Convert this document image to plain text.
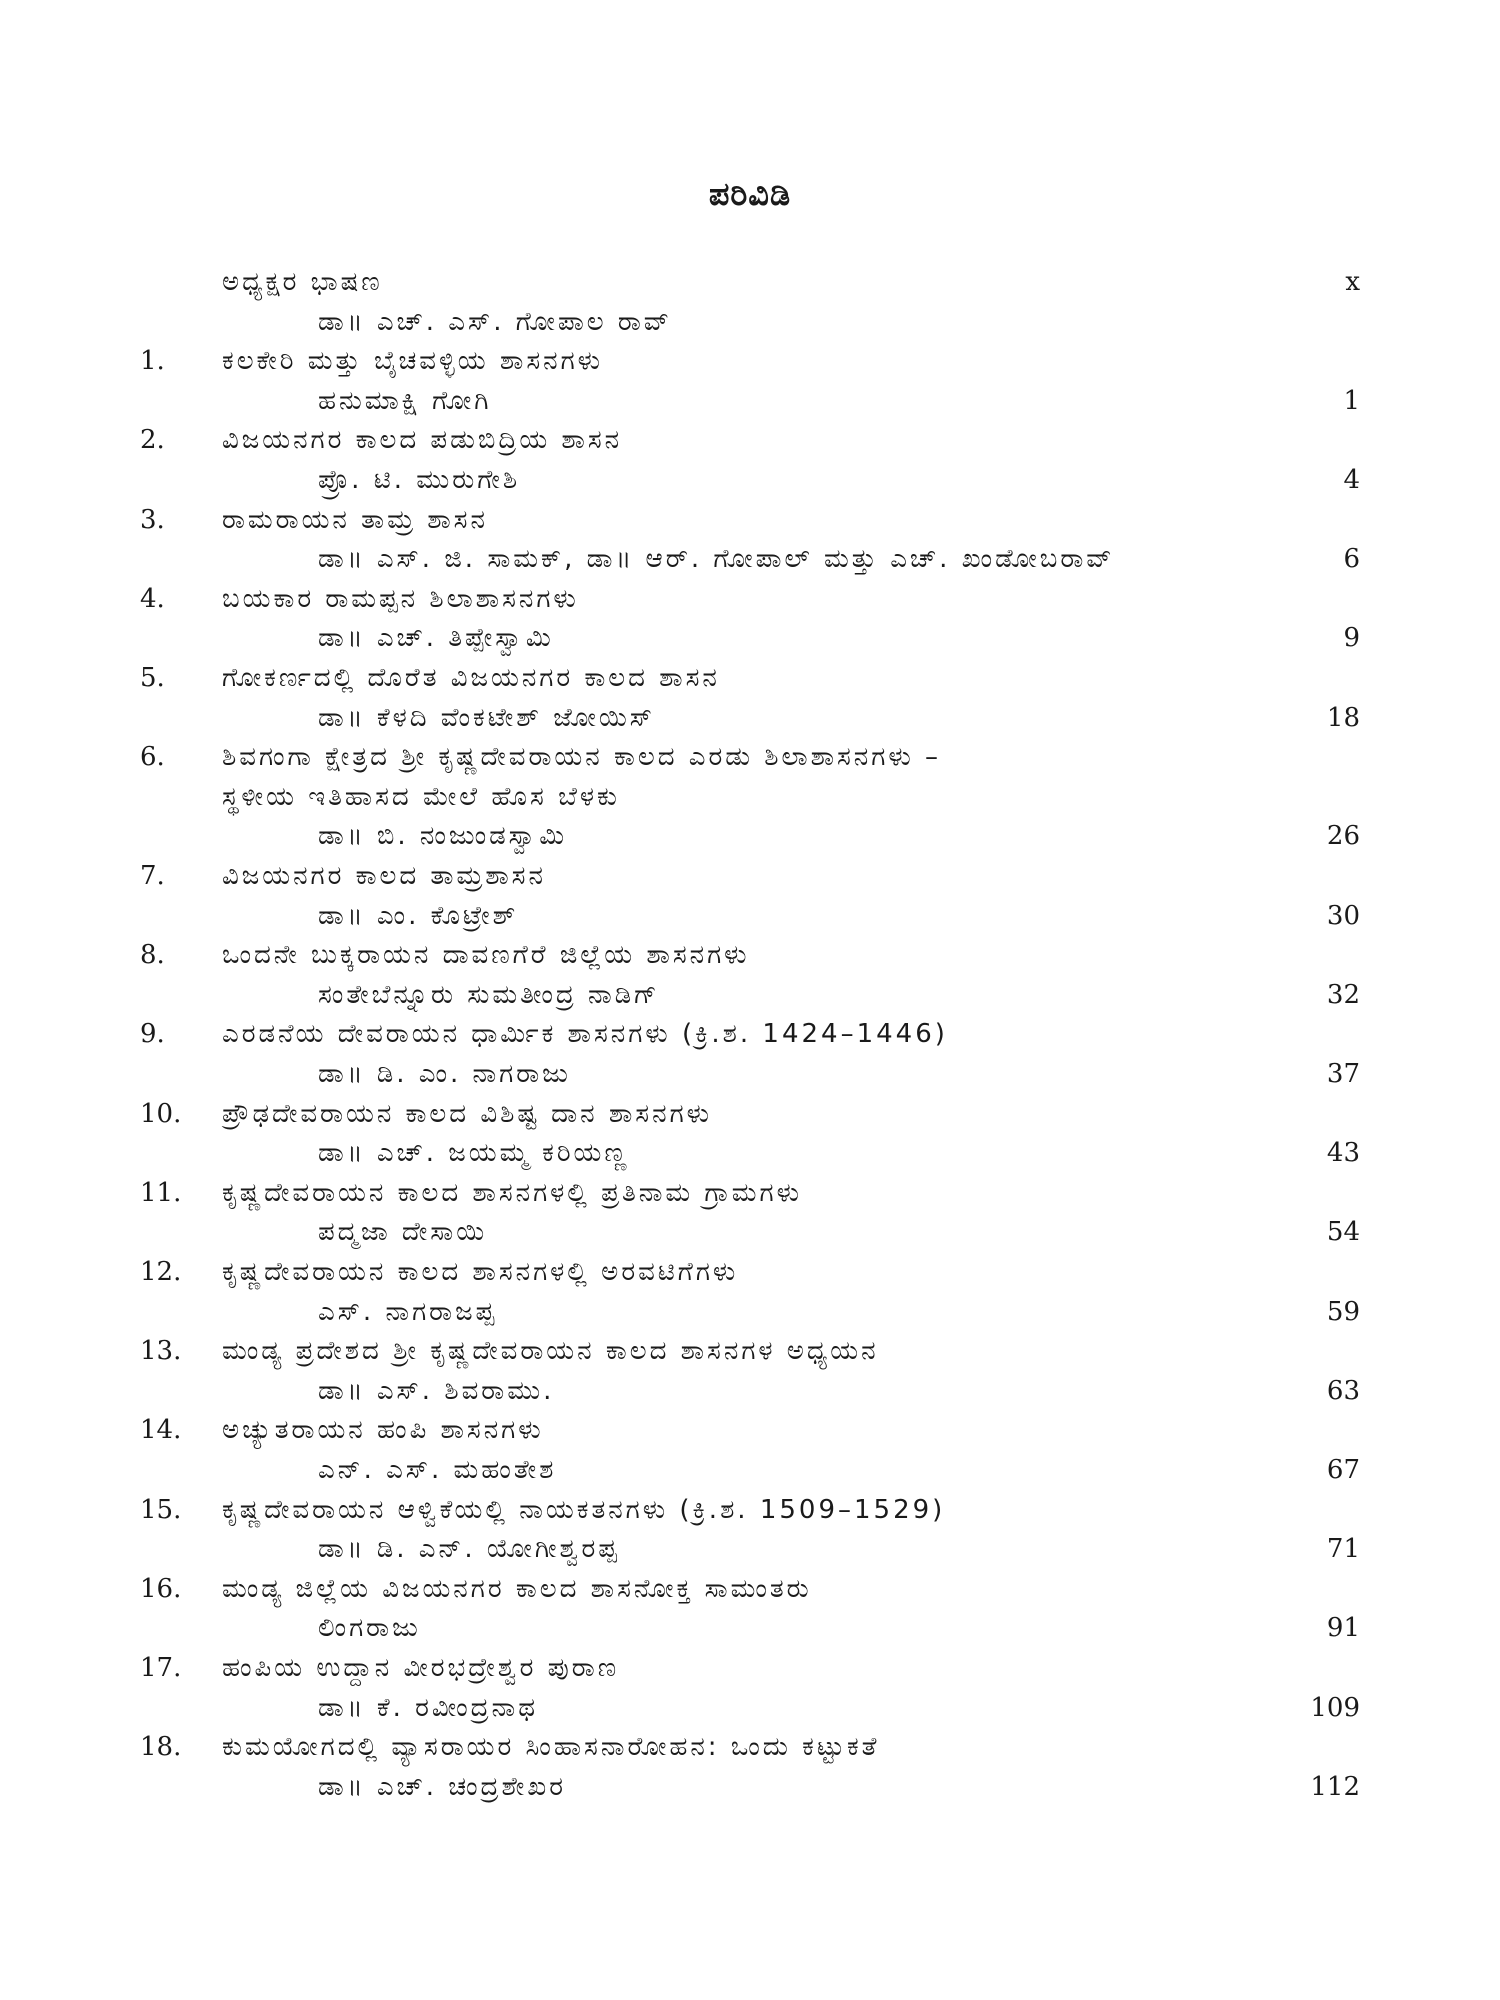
ಪರಿವಿಡಿ
ಅಧ್ಯಕ್ಷರ ಭಾಷಣ	x
ಡಾ॥ ಎಚ್. ಎಸ್. ಗೋಪಾಲ ರಾವ್
1.	ಕಲಕೇರಿ ಮತ್ತು ಬೈಚವಳ್ಳಿಯ ಶಾಸನಗಳು
ಹನುಮಾಕ್ಷಿ ಗೋಗಿ	1
2.	ವಿಜಯನಗರ ಕಾಲದ ಪಡುಬಿದ್ರಿಯ ಶಾಸನ
ಪ್ರೊ. ಟಿ. ಮುರುಗೇಶಿ	4
3.	ರಾಮರಾಯನ ತಾಮ್ರ ಶಾಸನ
ಡಾ॥ ಎಸ್. ಜಿ. ಸಾಮಕ್, ಡಾ॥ ಆರ್. ಗೋಪಾಲ್ ಮತ್ತು ಎಚ್. ಖಂಡೋಬರಾವ್	6
4.	ಬಯಕಾರ ರಾಮಪ್ಪನ ಶಿಲಾಶಾಸನಗಳು
ಡಾ॥ ಎಚ್. ತಿಪ್ಪೇಸ್ವಾಮಿ	9
5.	ಗೋಕರ್ಣದಲ್ಲಿ ದೊರೆತ ವಿಜಯನಗರ ಕಾಲದ ಶಾಸನ
ಡಾ॥ ಕೆಳದಿ ವೆಂಕಟೇಶ್ ಜೋಯಿಸ್	18
6.	ಶಿವಗಂಗಾ ಕ್ಷೇತ್ರದ ಶ್ರೀ ಕೃಷ್ಣದೇವರಾಯನ ಕಾಲದ ಎರಡು ಶಿಲಾಶಾಸನಗಳು –
ಸ್ಥಳೀಯ ಇತಿಹಾಸದ ಮೇಲೆ ಹೊಸ ಬೆಳಕು
ಡಾ॥ ಬಿ. ನಂಜುಂಡಸ್ವಾಮಿ	26
7.	ವಿಜಯನಗರ ಕಾಲದ ತಾಮ್ರಶಾಸನ
ಡಾ॥ ಎಂ. ಕೊಟ್ರೇಶ್	30
8.	ಒಂದನೇ ಬುಕ್ಕರಾಯನ ದಾವಣಗೆರೆ ಜಿಲ್ಲೆಯ ಶಾಸನಗಳು
ಸಂತೇಬೆನ್ನೂರು ಸುಮತೀಂದ್ರ ನಾಡಿಗ್	32
9.	ಎರಡನೆಯ ದೇವರಾಯನ ಧಾರ್ಮಿಕ ಶಾಸನಗಳು (ಕ್ರಿ.ಶ. 1424–1446)
ಡಾ॥ ಡಿ. ಎಂ. ನಾಗರಾಜು	37
10.	ಪ್ರೌಢದೇವರಾಯನ ಕಾಲದ ವಿಶಿಷ್ಟ ದಾನ ಶಾಸನಗಳು
ಡಾ॥ ಎಚ್. ಜಯಮ್ಮ ಕರಿಯಣ್ಣ	43
11.	ಕೃಷ್ಣದೇವರಾಯನ ಕಾಲದ ಶಾಸನಗಳಲ್ಲಿ ಪ್ರತಿನಾಮ ಗ್ರಾಮಗಳು
ಪದ್ಮಜಾ ದೇಸಾಯಿ	54
12.	ಕೃಷ್ಣದೇವರಾಯನ ಕಾಲದ ಶಾಸನಗಳಲ್ಲಿ ಅರವಟಿಗೆಗಳು
ಎಸ್. ನಾಗರಾಜಪ್ಪ	59
13.	ಮಂಡ್ಯ ಪ್ರದೇಶದ ಶ್ರೀ ಕೃಷ್ಣದೇವರಾಯನ ಕಾಲದ ಶಾಸನಗಳ ಅಧ್ಯಯನ
ಡಾ॥ ಎಸ್. ಶಿವರಾಮು.	63
14.	ಅಚ್ಯುತರಾಯನ ಹಂಪಿ ಶಾಸನಗಳು
ಎನ್. ಎಸ್. ಮಹಂತೇಶ	67
15.	ಕೃಷ್ಣದೇವರಾಯನ ಆಳ್ವಿಕೆಯಲ್ಲಿ ನಾಯಕತನಗಳು (ಕ್ರಿ.ಶ. 1509–1529)
ಡಾ॥ ಡಿ. ಎನ್. ಯೋಗೀಶ್ವರಪ್ಪ	71
16.	ಮಂಡ್ಯ ಜಿಲ್ಲೆಯ ವಿಜಯನಗರ ಕಾಲದ ಶಾಸನೋಕ್ತ ಸಾಮಂತರು
ಲಿಂಗರಾಜು	91
17.	ಹಂಪಿಯ ಉದ್ದಾನ ವೀರಭದ್ರೇಶ್ವರ ಪುರಾಣ
ಡಾ॥ ಕೆ. ರವೀಂದ್ರನಾಥ	109
18.	ಕುಮಯೋಗದಲ್ಲಿ ವ್ಯಾಸರಾಯರ ಸಿಂಹಾಸನಾರೋಹನ: ಒಂದು ಕಟ್ಟುಕತೆ
ಡಾ॥ ಎಚ್. ಚಂದ್ರಶೇಖರ	112
